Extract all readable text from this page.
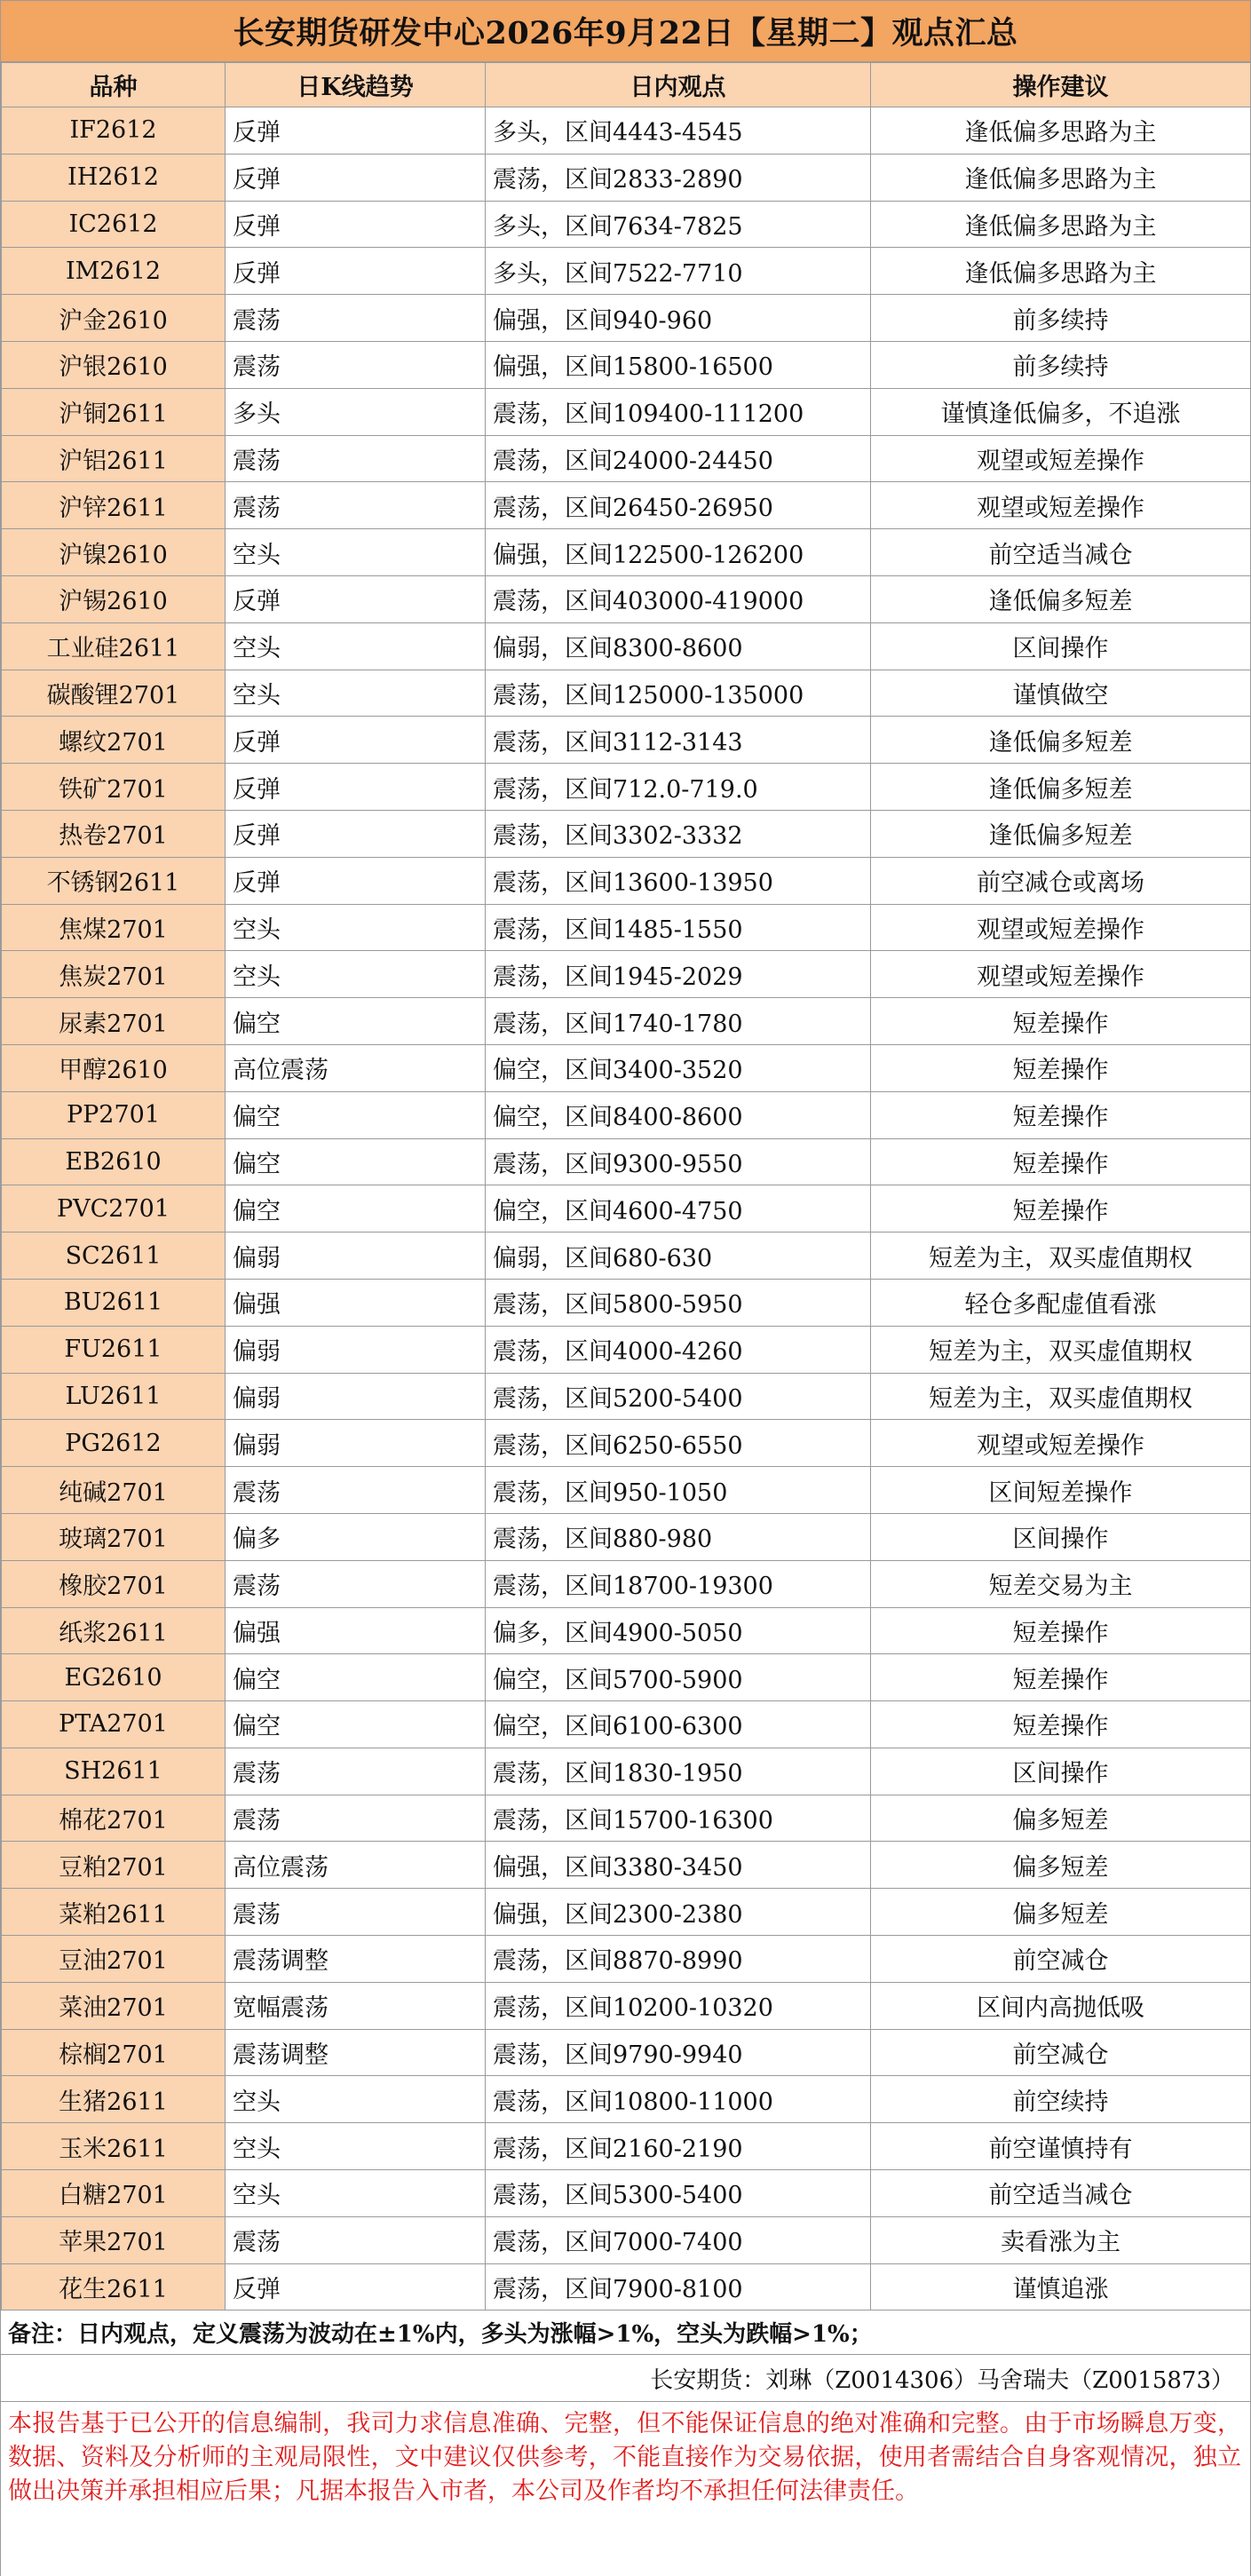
长安期货研发中心2026年9月22日【星期二】观点汇总
品种	日K线趋势	日内观点	操作建议
IF2612	反弹	多头，区间4443-4545	逢低偏多思路为主
IH2612	反弹	震荡，区间2833-2890	逢低偏多思路为主
IC2612	反弹	多头，区间7634-7825	逢低偏多思路为主
IM2612	反弹	多头，区间7522-7710	逢低偏多思路为主
沪金2610	震荡	偏强，区间940-960	前多续持
沪银2610	震荡	偏强，区间15800-16500	前多续持
沪铜2611	多头	震荡，区间109400-111200	谨慎逢低偏多，不追涨
沪铝2611	震荡	震荡，区间24000-24450	观望或短差操作
沪锌2611	震荡	震荡，区间26450-26950	观望或短差操作
沪镍2610	空头	偏强，区间122500-126200	前空适当减仓
沪锡2610	反弹	震荡，区间403000-419000	逢低偏多短差
工业硅2611	空头	偏弱，区间8300-8600	区间操作
碳酸锂2701	空头	震荡，区间125000-135000	谨慎做空
螺纹2701	反弹	震荡，区间3112-3143	逢低偏多短差
铁矿2701	反弹	震荡，区间712.0-719.0	逢低偏多短差
热卷2701	反弹	震荡，区间3302-3332	逢低偏多短差
不锈钢2611	反弹	震荡，区间13600-13950	前空减仓或离场
焦煤2701	空头	震荡，区间1485-1550	观望或短差操作
焦炭2701	空头	震荡，区间1945-2029	观望或短差操作
尿素2701	偏空	震荡，区间1740-1780	短差操作
甲醇2610	高位震荡	偏空，区间3400-3520	短差操作
PP2701	偏空	偏空，区间8400-8600	短差操作
EB2610	偏空	震荡，区间9300-9550	短差操作
PVC2701	偏空	偏空，区间4600-4750	短差操作
SC2611	偏弱	偏弱，区间680-630	短差为主，双买虚值期权
BU2611	偏强	震荡，区间5800-5950	轻仓多配虚值看涨
FU2611	偏弱	震荡，区间4000-4260	短差为主，双买虚值期权
LU2611	偏弱	震荡，区间5200-5400	短差为主，双买虚值期权
PG2612	偏弱	震荡，区间6250-6550	观望或短差操作
纯碱2701	震荡	震荡，区间950-1050	区间短差操作
玻璃2701	偏多	震荡，区间880-980	区间操作
橡胶2701	震荡	震荡，区间18700-19300	短差交易为主
纸浆2611	偏强	偏多，区间4900-5050	短差操作
EG2610	偏空	偏空，区间5700-5900	短差操作
PTA2701	偏空	偏空，区间6100-6300	短差操作
SH2611	震荡	震荡，区间1830-1950	区间操作
棉花2701	震荡	震荡，区间15700-16300	偏多短差
豆粕2701	高位震荡	偏强，区间3380-3450	偏多短差
菜粕2611	震荡	偏强，区间2300-2380	偏多短差
豆油2701	震荡调整	震荡，区间8870-8990	前空减仓
菜油2701	宽幅震荡	震荡，区间10200-10320	区间内高抛低吸
棕榈2701	震荡调整	震荡，区间9790-9940	前空减仓
生猪2611	空头	震荡，区间10800-11000	前空续持
玉米2611	空头	震荡，区间2160-2190	前空谨慎持有
白糖2701	空头	震荡，区间5300-5400	前空适当减仓
苹果2701	震荡	震荡，区间7000-7400	卖看涨为主
花生2611	反弹	震荡，区间7900-8100	谨慎追涨
备注：日内观点，定义震荡为波动在±1%内，多头为涨幅>1%，空头为跌幅>1%；
长安期货：刘琳（Z0014306）马舍瑞夫（Z0015873）
本报告基于已公开的信息编制，我司力求信息准确、完整，但不能保证信息的绝对准确和完整。由于市场瞬息万变，数据、资料及分析师的主观局限性，文中建议仅供参考，不能直接作为交易依据，使用者需结合自身客观情况，独立做出决策并承担相应后果；凡据本报告入市者，本公司及作者均不承担任何法律责任。
